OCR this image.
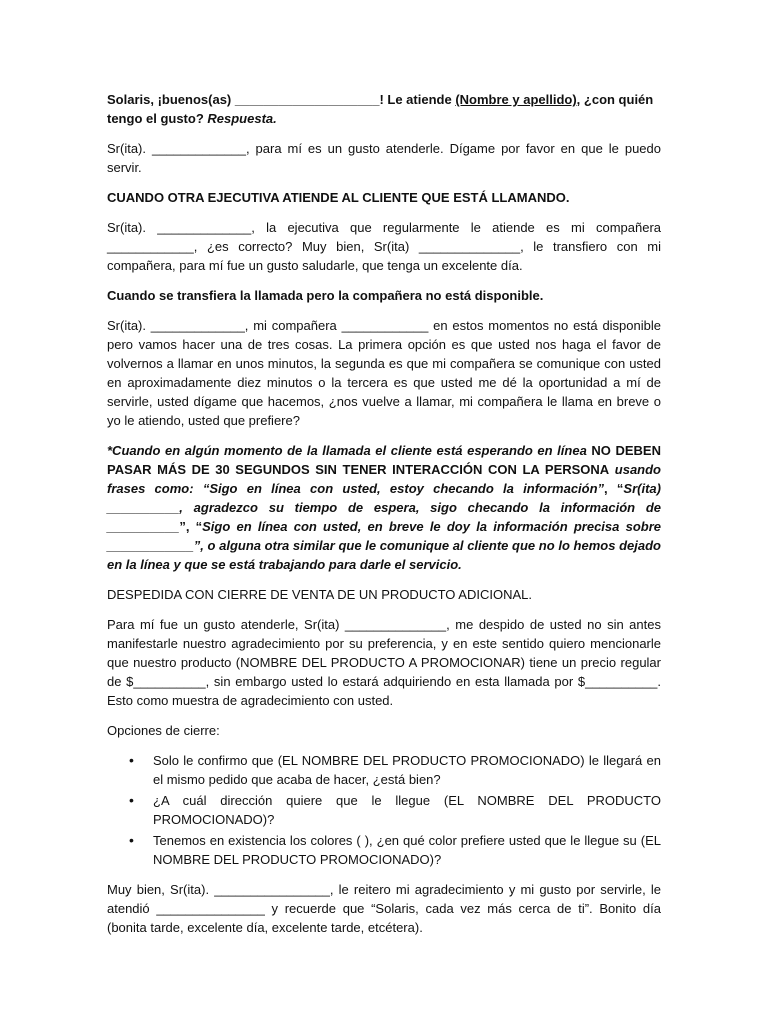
Solaris, ¡buenos(as) ____________________! Le atiende (Nombre y apellido), ¿con quién tengo el gusto? Respuesta.

Sr(ita). _____________, para mí es un gusto atenderle. Dígame por favor en que le puedo servir.

CUANDO OTRA EJECUTIVA ATIENDE AL CLIENTE QUE ESTÁ LLAMANDO.

Sr(ita). _____________, la ejecutiva que regularmente le atiende es mi compañera ____________, ¿es correcto? Muy bien, Sr(ita) ______________, le transfiero con mi compañera, para mí fue un gusto saludarle, que tenga un excelente día.

Cuando se transfiera la llamada pero la compañera no está disponible.

Sr(ita). _____________, mi compañera ____________ en estos momentos no está disponible pero vamos hacer una de tres cosas. La primera opción es que usted nos haga el favor de volvernos a llamar en unos minutos, la segunda es que mi compañera se comunique con usted en aproximadamente diez minutos o la tercera es que usted me dé la oportunidad a mí de servirle, usted dígame que hacemos, ¿nos vuelve a llamar, mi compañera le llama en breve o yo le atiendo, usted que prefiere?

*Cuando en algún momento de la llamada el cliente está esperando en línea NO DEBEN PASAR MÁS DE 30 SEGUNDOS SIN TENER INTERACCIÓN CON LA PERSONA usando frases como: “Sigo en línea con usted, estoy checando la información”, “Sr(ita) __________, agradezco su tiempo de espera, sigo checando la información de __________”, “Sigo en línea con usted, en breve le doy la información precisa sobre ____________”, o alguna otra similar que le comunique al cliente que no lo hemos dejado en la línea y que se está trabajando para darle el servicio.

DESPEDIDA CON CIERRE DE VENTA DE UN PRODUCTO ADICIONAL.

Para mí fue un gusto atenderle, Sr(ita) ______________, me despido de usted no sin antes manifestarle nuestro agradecimiento por su preferencia, y en este sentido quiero mencionarle que nuestro producto (NOMBRE DEL PRODUCTO A PROMOCIONAR) tiene un precio regular de $__________, sin embargo usted lo estará adquiriendo en esta llamada por $__________. Esto como muestra de agradecimiento con usted.

Opciones de cierre:

• Solo le confirmo que (EL NOMBRE DEL PRODUCTO PROMOCIONADO) le llegará en el mismo pedido que acaba de hacer, ¿está bien?
• ¿A cuál dirección quiere que le llegue (EL NOMBRE DEL PRODUCTO PROMOCIONADO)?
• Tenemos en existencia los colores ( ), ¿en qué color prefiere usted que le llegue su (EL NOMBRE DEL PRODUCTO PROMOCIONADO)?

Muy bien, Sr(ita). ________________, le reitero mi agradecimiento y mi gusto por servirle, le atendió _______________ y recuerde que “Solaris, cada vez más cerca de ti”. Bonito día (bonita tarde, excelente día, excelente tarde, etcétera).
